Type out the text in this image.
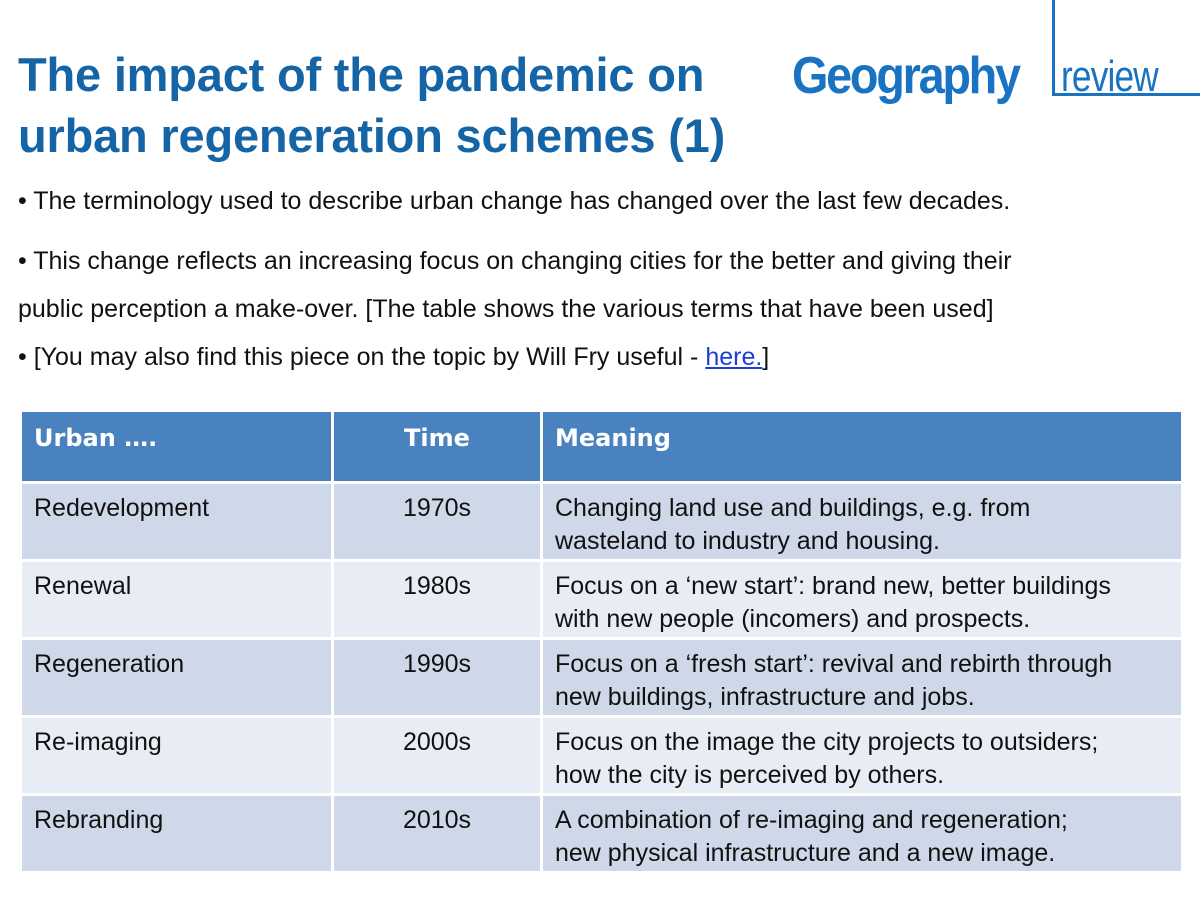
The impact of the pandemic on
urban regeneration schemes (1)
Geography review
• The terminology used to describe urban change has changed over the last few decades.
• This change reflects an increasing focus on changing cities for the better and giving their
public perception a make-over. [The table shows the various terms that have been used]
• [You may also find this piece on the topic by Will Fry useful - here.]
Urban ….	Time	Meaning
Redevelopment	1970s	Changing land use and buildings, e.g. from
wasteland to industry and housing.

Renewal	1980s	Focus on a ‘new start’: brand new, better buildings
with new people (incomers) and prospects.

Regeneration	1990s	Focus on a ‘fresh start’: revival and rebirth through
new buildings, infrastructure and jobs.

Re-imaging	2000s	Focus on the image the city projects to outsiders;
how the city is perceived by others.

Rebranding	2010s	A combination of re-imaging and regeneration;
new physical infrastructure and a new image.
